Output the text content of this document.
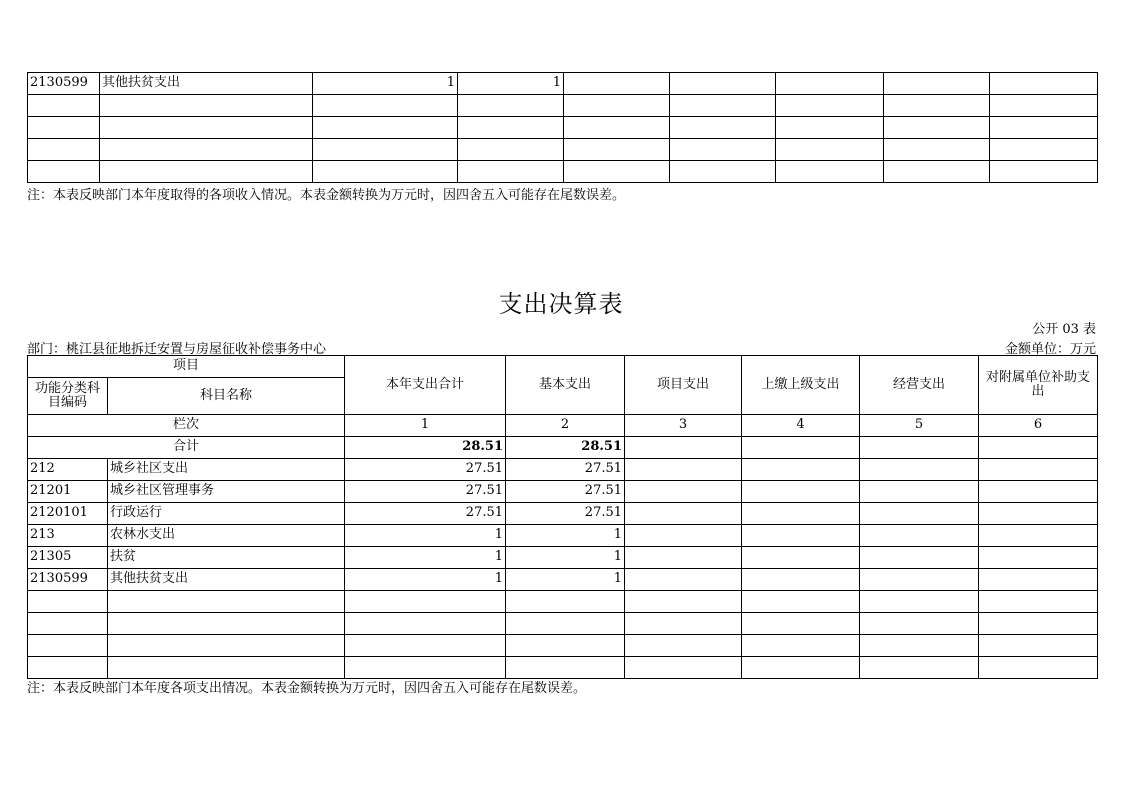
2130599	其他扶贫支出	1	1					

注：本表反映部门本年度取得的各项收入情况。本表金额转换为万元时，因四舍五入可能存在尾数误差。
支出决算表
公开 03 表
部门：桃江县征地拆迁安置与房屋征收补偿事务中心	金额单位：万元
项目		本年支出合计	基本支出	项目支出	上缴上级支出	经营支出	对附属单位补助支出
功能分类科目编码	科目名称						
栏次		1	2	3	4	5	6
合计		28.51	28.51				
212	城乡社区支出	27.51	27.51				
21201	城乡社区管理事务	27.51	27.51				
2120101	行政运行	27.51	27.51				
213	农林水支出	1	1				
21305	扶贫	1	1				
2130599	其他扶贫支出	1	1				

注：本表反映部门本年度各项支出情况。本表金额转换为万元时，因四舍五入可能存在尾数误差。
